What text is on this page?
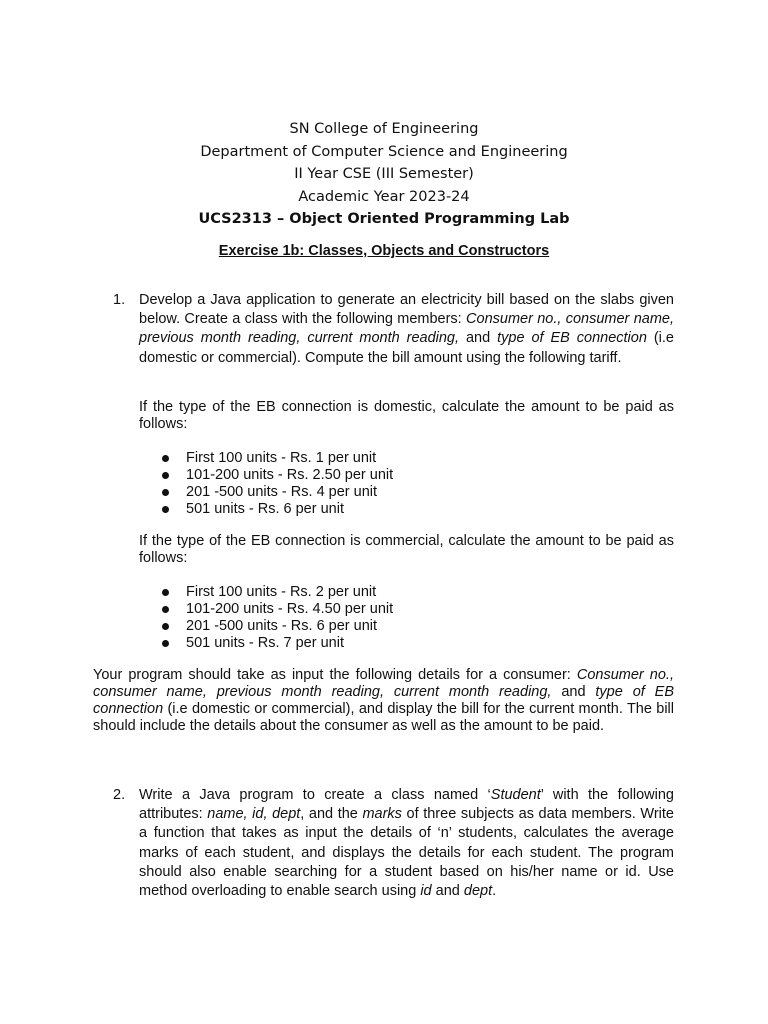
SN College of Engineering
Department of Computer Science and Engineering
II Year CSE (III Semester)
Academic Year 2023-24
UCS2313 – Object Oriented Programming Lab
Exercise 1b: Classes, Objects and Constructors
1. Develop a Java application to generate an electricity bill based on the slabs given below. Create a class with the following members: Consumer no., consumer name, previous month reading, current month reading, and type of EB connection (i.e domestic or commercial). Compute the bill amount using the following tariff.
If the type of the EB connection is domestic, calculate the amount to be paid as follows:
First 100 units - Rs. 1 per unit
101-200 units - Rs. 2.50 per unit
201 -500 units - Rs. 4 per unit
501 units - Rs. 6 per unit
If the type of the EB connection is commercial, calculate the amount to be paid as follows:
First 100 units - Rs. 2 per unit
101-200 units - Rs. 4.50 per unit
201 -500 units - Rs. 6 per unit
501 units - Rs. 7 per unit
Your program should take as input the following details for a consumer: Consumer no., consumer name, previous month reading, current month reading, and type of EB connection (i.e domestic or commercial), and display the bill for the current month. The bill should include the details about the consumer as well as the amount to be paid.
2. Write a Java program to create a class named ‘Student’ with the following attributes: name, id, dept, and the marks of three subjects as data members. Write a function that takes as input the details of ‘n’ students, calculates the average marks of each student, and displays the details for each student. The program should also enable searching for a student based on his/her name or id. Use method overloading to enable search using id and dept.
